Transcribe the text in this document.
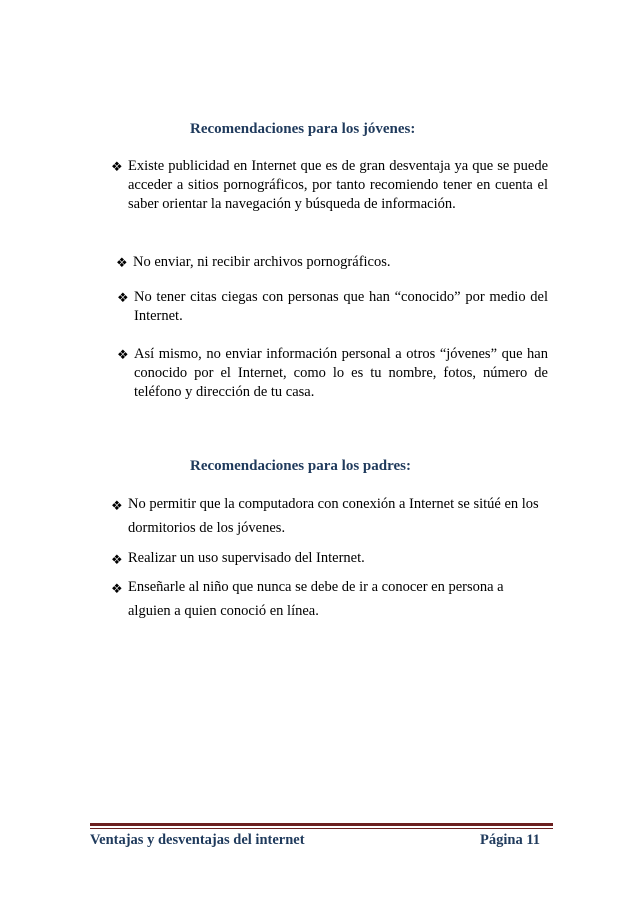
Recomendaciones para los jóvenes:
❖ Existe publicidad en Internet que es de gran desventaja ya que se puede acceder a sitios pornográficos, por tanto recomiendo tener en cuenta el saber orientar la navegación y búsqueda de información.
❖ No enviar, ni recibir archivos pornográficos.
❖ No tener citas ciegas con personas que han “conocido” por medio del Internet.
❖ Así mismo, no enviar información personal a otros “jóvenes” que han conocido por el Internet, como lo es tu nombre, fotos, número de teléfono y dirección de tu casa.
Recomendaciones para los padres:
❖ No permitir que la computadora con conexión a Internet se sitúé en los dormitorios de los jóvenes.
❖ Realizar un uso supervisado del Internet.
❖ Enseñarle al niño que nunca se debe de ir a conocer en persona a alguien a quien conoció en línea.
Ventajas y desventajas del internet	Página 11
